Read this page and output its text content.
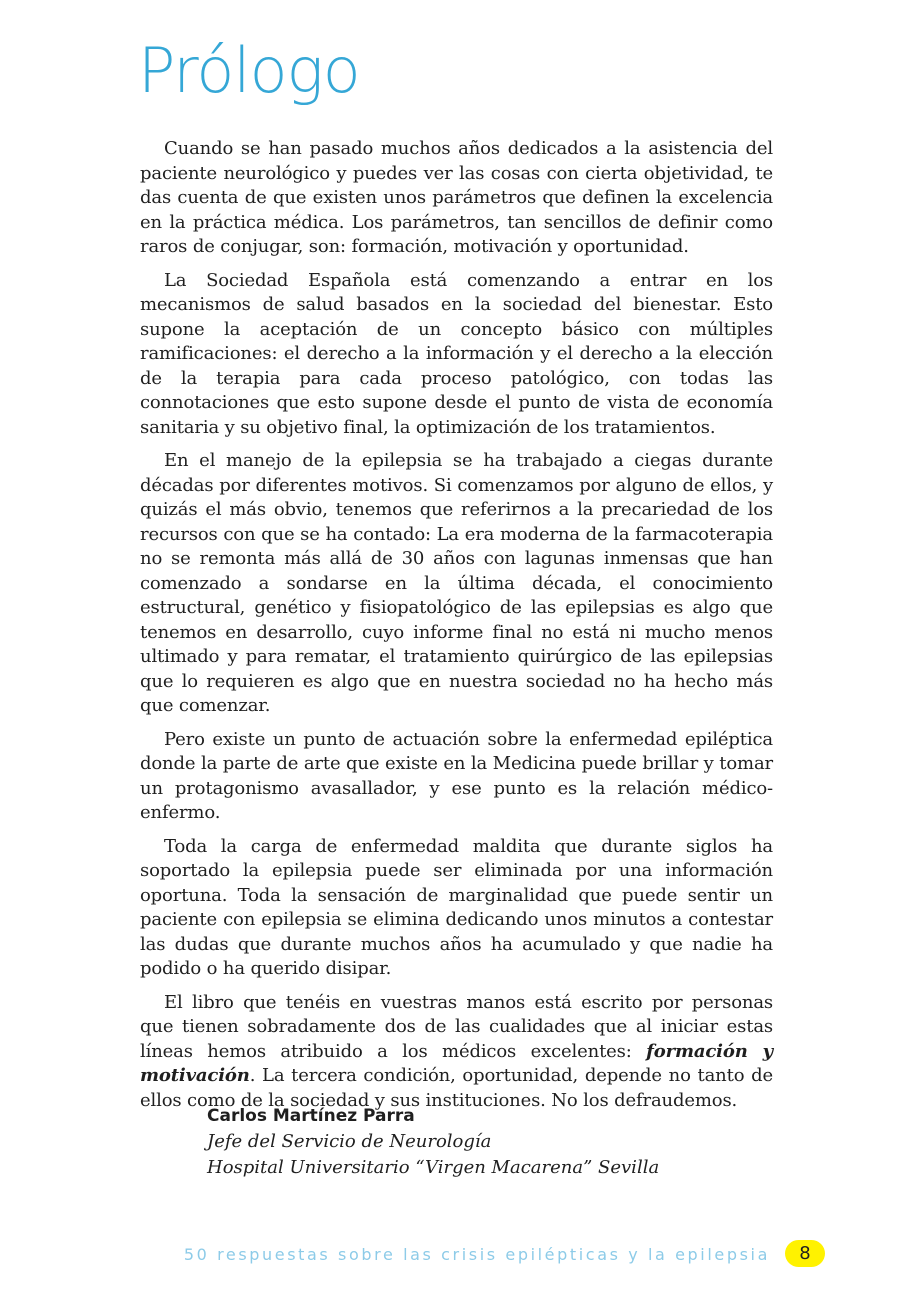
Prólogo

Cuando se han pasado muchos años dedicados a la asistencia del paciente neurológico y puedes ver las cosas con cierta objetividad, te das cuenta de que existen unos parámetros que definen la excelencia en la práctica médica. Los parámetros, tan sencillos de definir como raros de conjugar, son: formación, motivación y oportunidad.

La Sociedad Española está comenzando a entrar en los mecanismos de salud basados en la sociedad del bienestar. Esto supone la aceptación de un concepto básico con múltiples ramificaciones: el derecho a la información y el derecho a la elección de la terapia para cada proceso patológico, con todas las connotaciones que esto supone desde el punto de vista de economía sanitaria y su objetivo final, la optimización de los tratamientos.

En el manejo de la epilepsia se ha trabajado a ciegas durante décadas por diferentes motivos. Si comenzamos por alguno de ellos, y quizás el más obvio, tenemos que referirnos a la precariedad de los recursos con que se ha contado: La era moderna de la farmacoterapia no se remonta más allá de 30 años con lagunas inmensas que han comenzado a sondarse en la última década, el conocimiento estructural, genético y fisiopatológico de las epilepsias es algo que tenemos en desarrollo, cuyo informe final no está ni mucho menos ultimado y para rematar, el tratamiento quirúrgico de las epilepsias que lo requieren es algo que en nuestra sociedad no ha hecho más que comenzar.

Pero existe un punto de actuación sobre la enfermedad epiléptica donde la parte de arte que existe en la Medicina puede brillar y tomar un protagonismo avasallador, y ese punto es la relación médico-enfermo.

Toda la carga de enfermedad maldita que durante siglos ha soportado la epilepsia puede ser eliminada por una información oportuna. Toda la sensación de marginalidad que puede sentir un paciente con epilepsia se elimina dedicando unos minutos a contestar las dudas que durante muchos años ha acumulado y que nadie ha podido o ha querido disipar.

El libro que tenéis en vuestras manos está escrito por personas que tienen sobradamente dos de las cualidades que al iniciar estas líneas hemos atribuido a los médicos excelentes: formación y motivación. La tercera condición, oportunidad, depende no tanto de ellos como de la sociedad y sus instituciones. No los defraudemos.

Carlos Martínez Parra
Jefe del Servicio de Neurología
Hospital Universitario “Virgen Macarena” Sevilla
50 respuestas sobre las crisis epilépticas y la epilepsia	8
